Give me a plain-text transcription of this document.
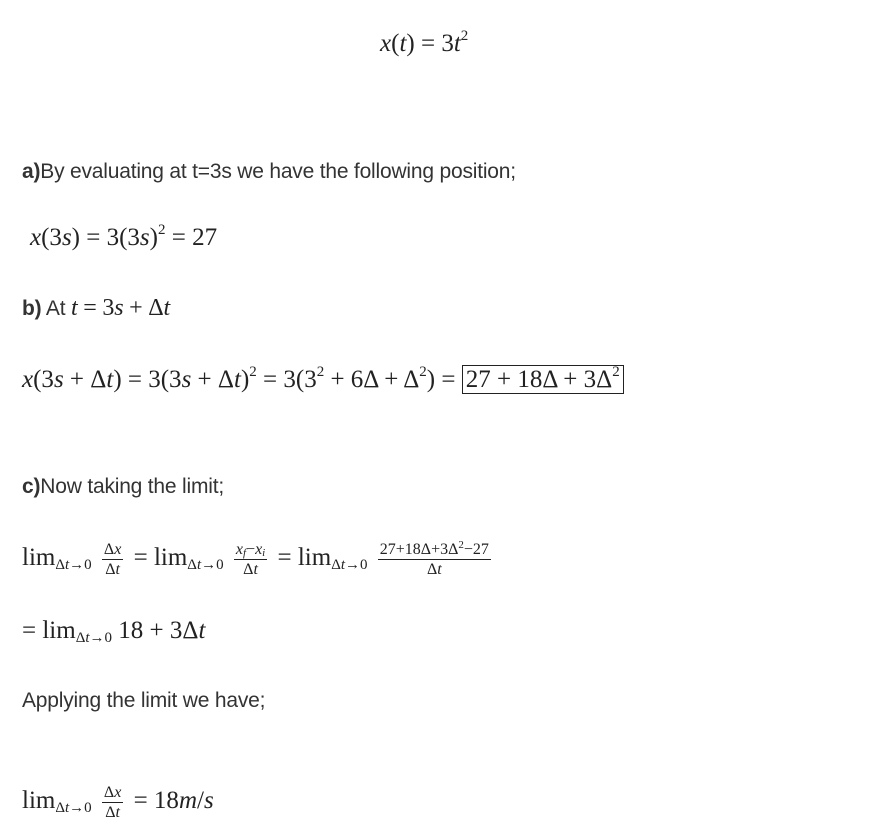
$x(t) = 3t^2$
a)By evaluating at t=3s we have the following position;
$x(3s) = 3(3s)^2 = 27$
b) At t = 3s + Δt
$x(3s + \Delta t) = 3(3s + \Delta t)^2 = 3(3^2 + 6\Delta + \Delta^2) = 27 + 18\Delta + 3\Delta^2$
c)Now taking the limit;
$\lim_{\Delta t\to 0} \frac{\Delta x}{\Delta t} = \lim_{\Delta t\to 0} \frac{x_f-x_i}{\Delta t} = \lim_{\Delta t\to 0} \frac{27+18\Delta+3\Delta^2-27}{\Delta t}$
= $\lim_{\Delta t\to 0} 18 + 3\Delta t$
Applying the limit we have;
$\lim_{\Delta t\to 0} \frac{\Delta x}{\Delta t} = 18m/s$
